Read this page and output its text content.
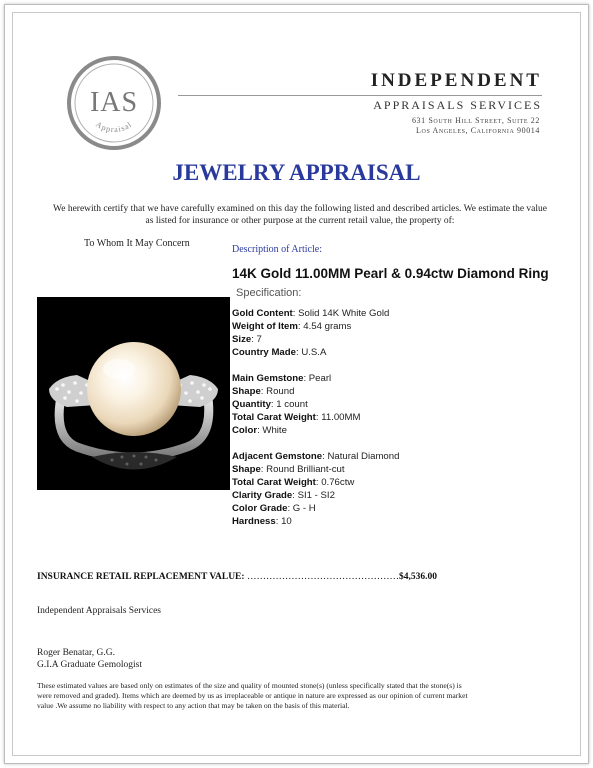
IAS
Appraisal
INDEPENDENT
APPRAISALS SERVICES
631 South Hill Street, Suite 22
Los Angeles, California 90014
JEWELRY APPRAISAL
We herewith certify that we have carefully examined on this day the following listed and described articles. We estimate the value as listed for insurance or other purpose at the current retail value, the property of:
To Whom It May Concern
Description of Article:
14K Gold 11.00MM Pearl & 0.94ctw Diamond Ring
Specification:
Gold Content: Solid 14K White Gold
Weight of Item: 4.54 grams
Size: 7
Country Made: U.S.A
Main Gemstone: Pearl
Shape: Round
Quantity: 1 count
Total Carat Weight: 11.00MM
Color: White
Adjacent Gemstone: Natural Diamond
Shape: Round Brilliant-cut
Total Carat Weight: 0.76ctw
Clarity Grade: SI1 - SI2
Color Grade: G - H
Hardness: 10
INSURANCE RETAIL REPLACEMENT VALUE: …………………………………………$4,536.00
Independent Appraisals Services
Roger Benatar, G.G.
G.I.A Graduate Gemologist
These estimated values are based only on estimates of the size and quality of mounted stone(s) (unless specifically stated that the stone(s) is were removed and graded). Items which are deemed by us as irreplaceable or antique in nature are expressed as our opinion of current market value .We assume no liability with respect to any action that may be taken on the basis of this material.
